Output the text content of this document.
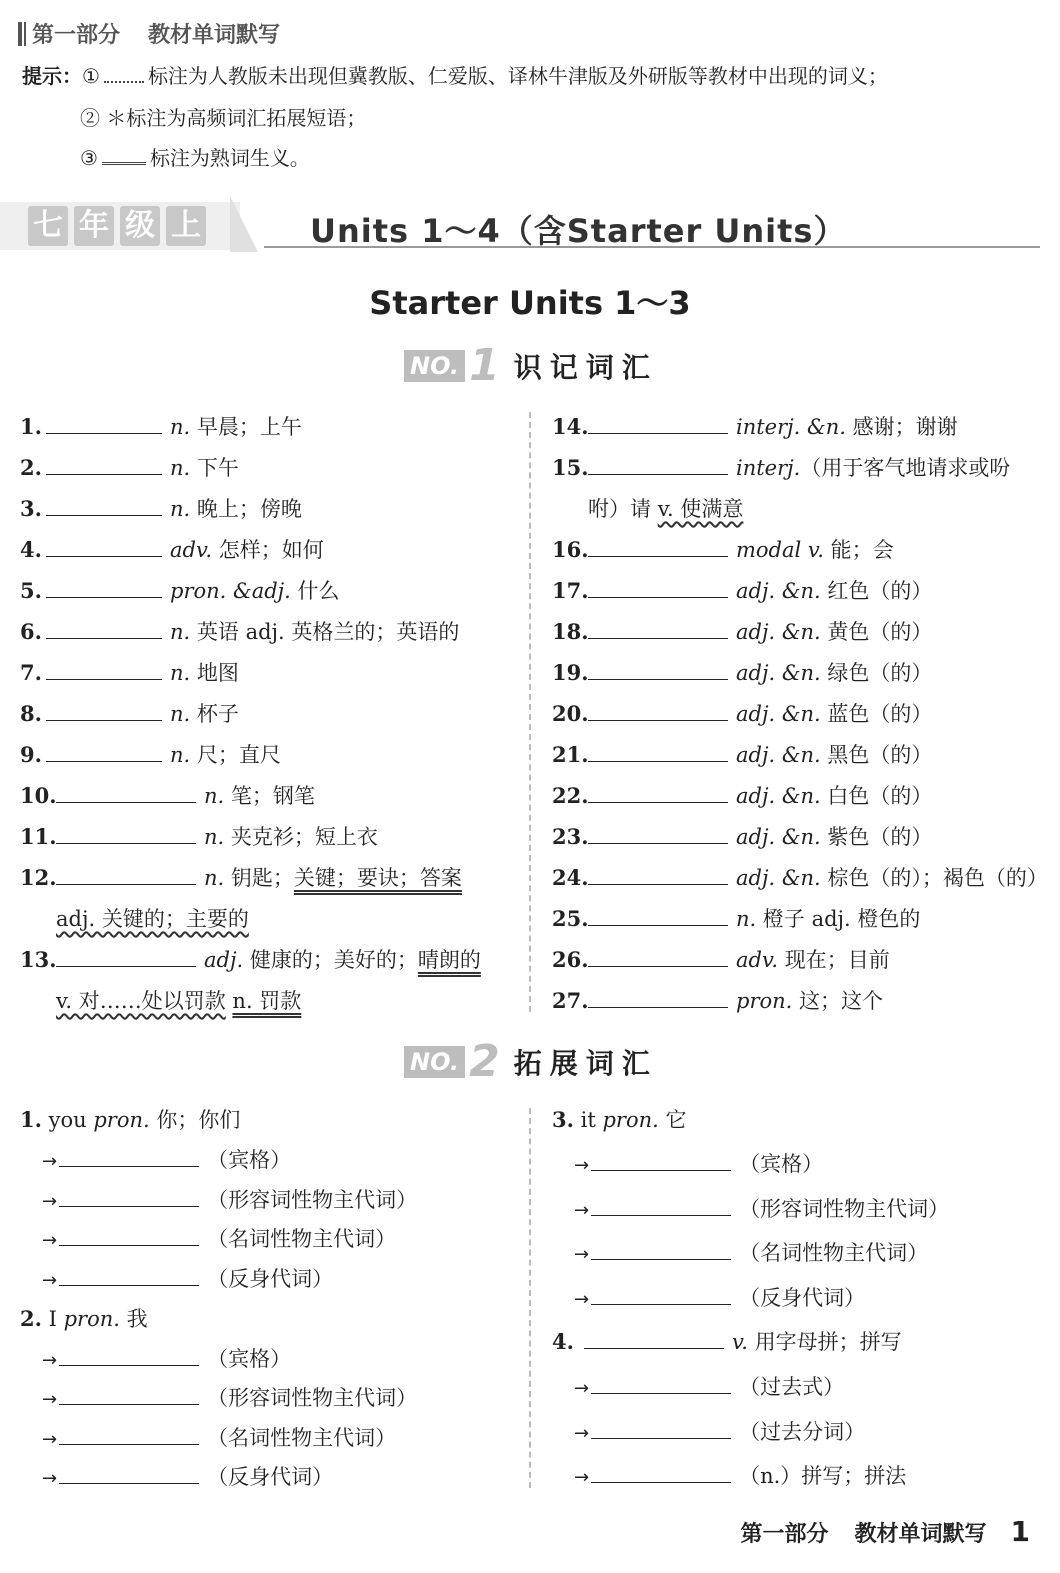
第一部分 教材单词默写
提示：① 标注为人教版未出现但冀教版、仁爱版、译林牛津版及外研版等教材中出现的词义；
② ＊标注为高频词汇拓展短语；
③	标注为熟词生义。
七 年 级 上	Units 1～4（含Starter Units）
Starter Units 1～3
NO. 1 识记词汇
1.	n. 早晨；上午
2.	n. 下午
3.	n. 晚上；傍晚
4.	adv. 怎样；如何
5.	pron. &adj. 什么
6.	n. 英语 adj. 英格兰的；英语的
7.	n. 地图
8.	n. 杯子
9.	n. 尺；直尺
10.	n. 笔；钢笔
11.	n. 夹克衫；短上衣
12.	n. 钥匙；关键；要诀；答案
adj. 关键的；主要的
13.	adj. 健康的；美好的；晴朗的
v. 对……处以罚款 n. 罚款
14.	interj. &n. 感谢；谢谢
15.	interj.（用于客气地请求或吩
咐）请 v. 使满意
16.	modal v. 能；会
17.	adj. &n. 红色（的）
18.	adj. &n. 黄色（的）
19.	adj. &n. 绿色（的）
20.	adj. &n. 蓝色（的）
21.	adj. &n. 黑色（的）
22.	adj. &n. 白色（的）
23.	adj. &n. 紫色（的）
24.	adj. &n. 棕色（的）；褐色（的）
25.	n. 橙子 adj. 橙色的
26.	adv. 现在；目前
27.	pron. 这；这个
NO. 2 拓展词汇
1. you pron. 你；你们
→	（宾格）
→	（形容词性物主代词）
→	（名词性物主代词）
→	（反身代词）
2. I pron. 我
→	（宾格）
→	（形容词性物主代词）
→	（名词性物主代词）
→	（反身代词）
3. it pron. 它
→	（宾格）
→	（形容词性物主代词）
→	（名词性物主代词）
→	（反身代词）
4.	v. 用字母拼；拼写
→	（过去式）
→	（过去分词）
→	（n.）拼写；拼法
第一部分 教材单词默写 1
